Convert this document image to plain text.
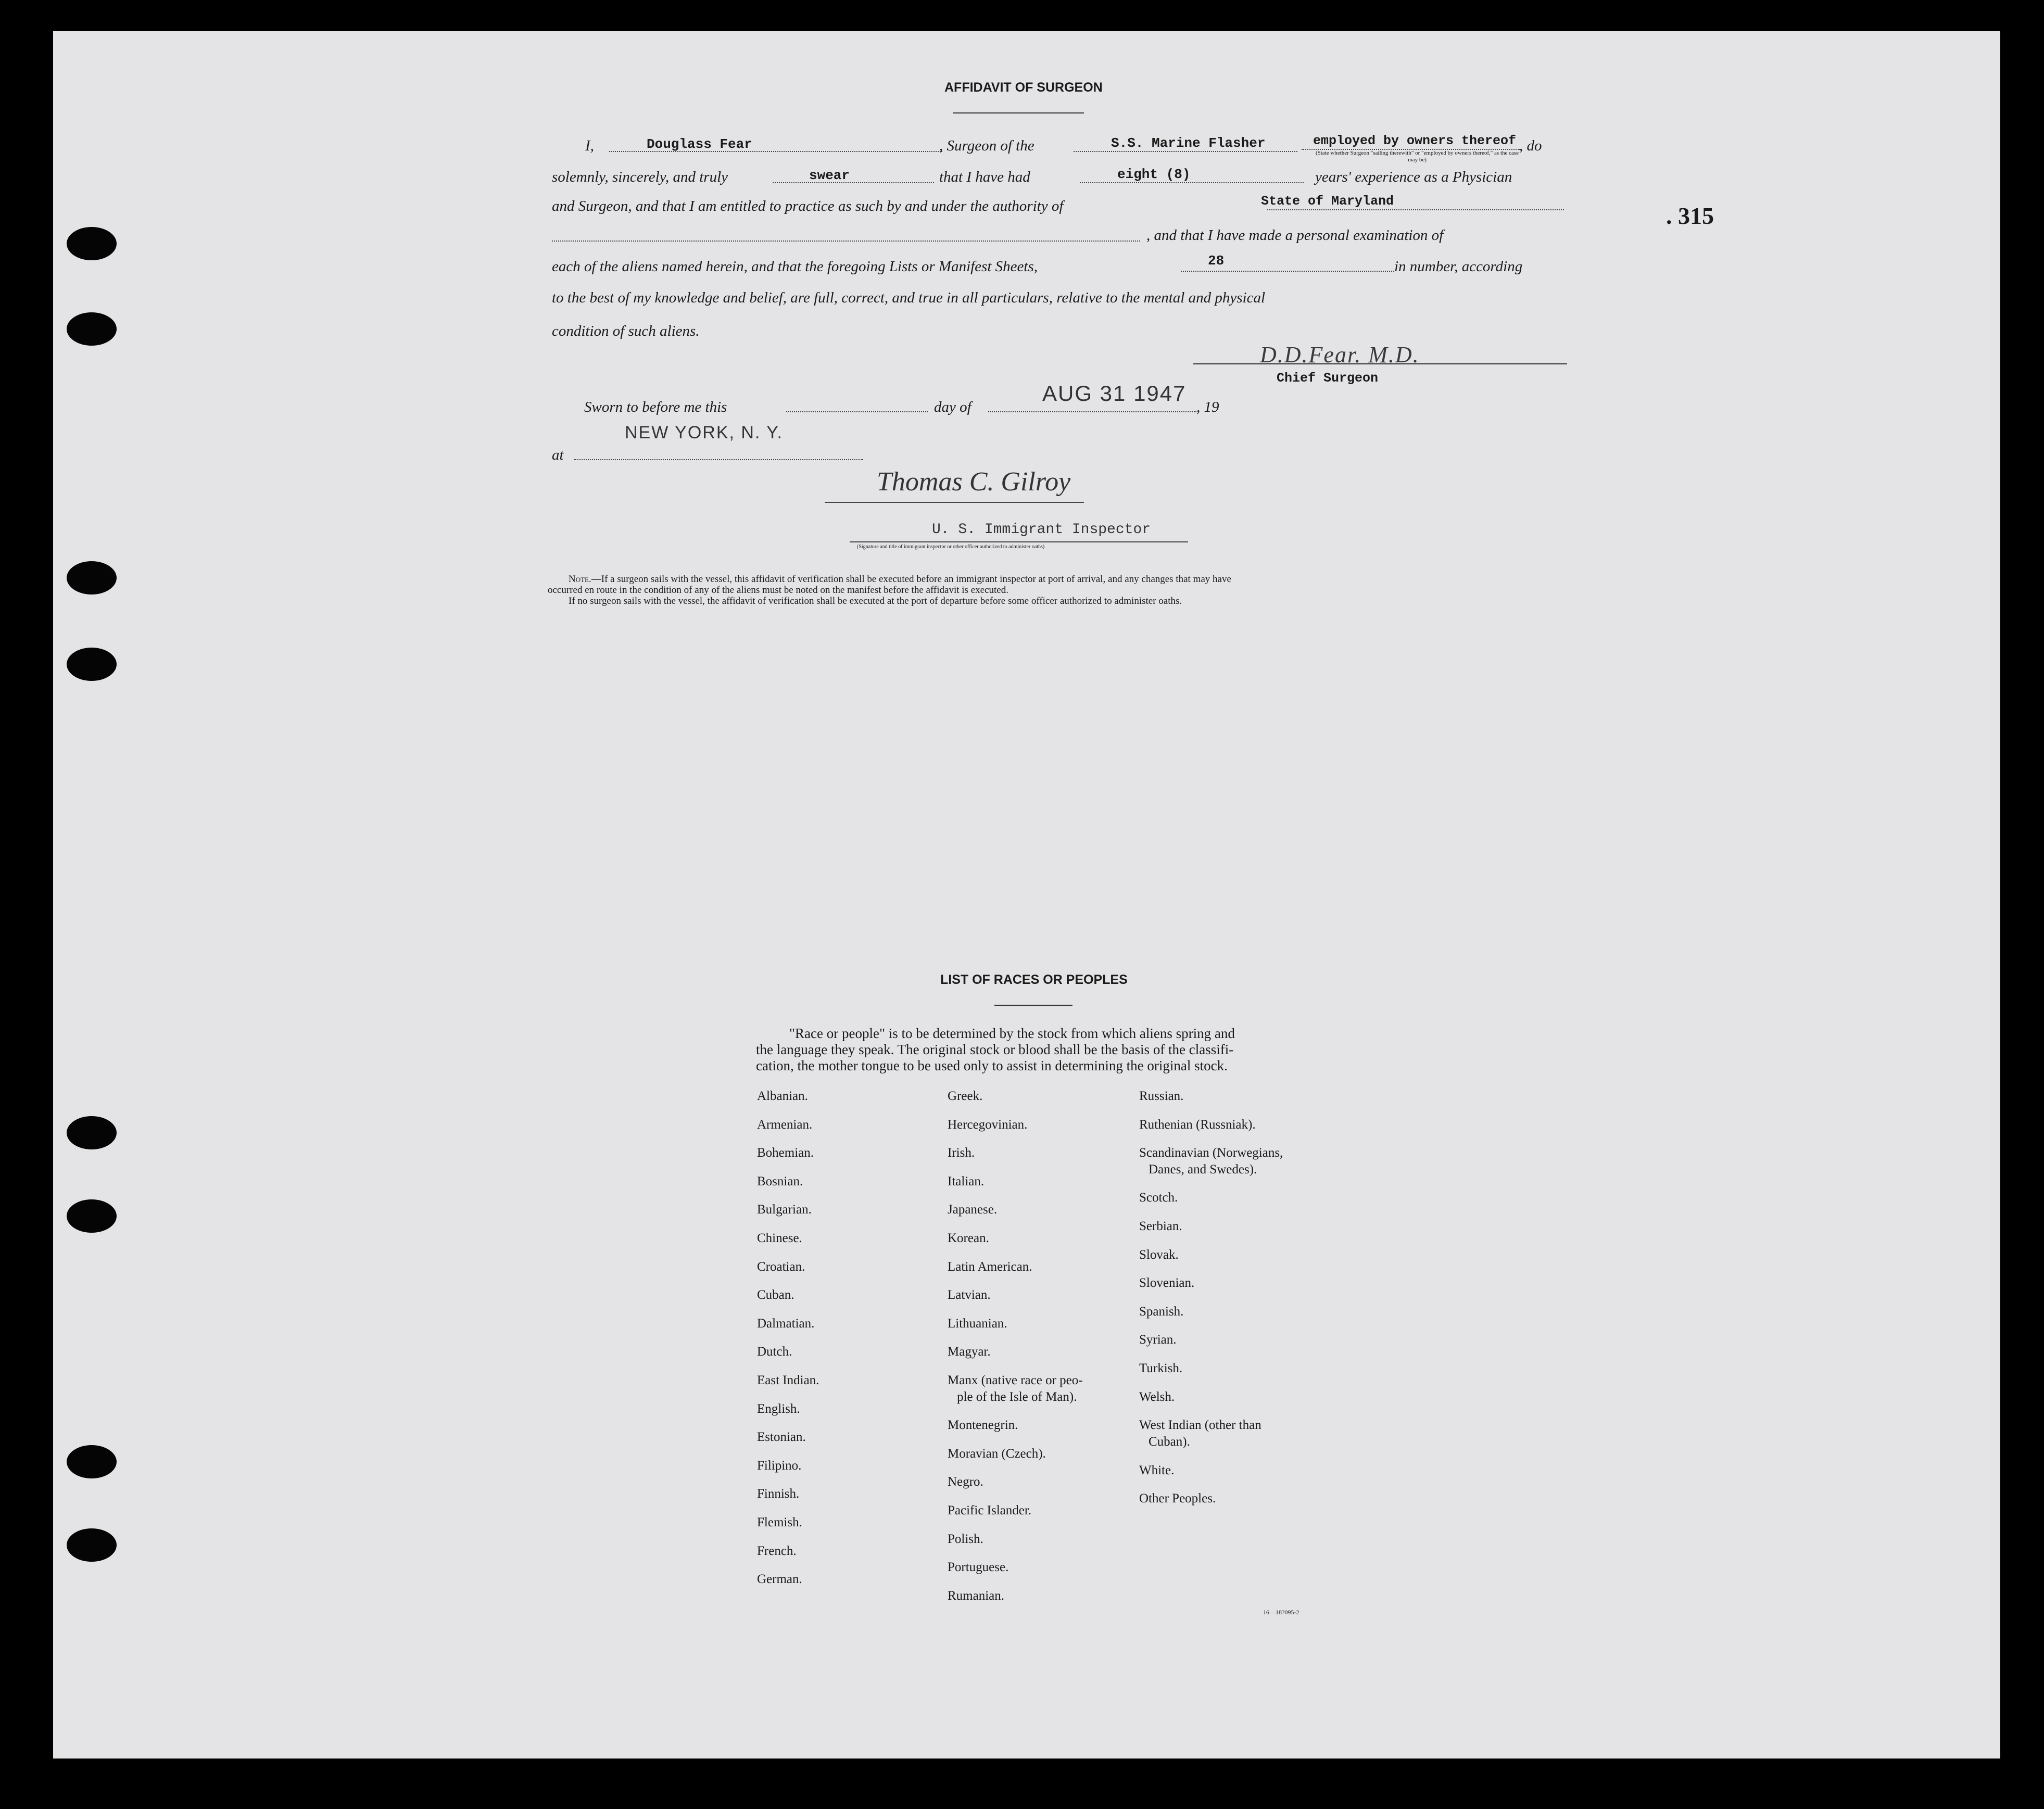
. 315
AFFIDAVIT OF SURGEON
I,	Douglass Fear	, Surgeon of the	S.S. Marine Flasher	employed by owners thereof
(State whether Surgeon "sailing therewith" or "employed by owners thereof," as the case may be)
, do
solemnly, sincerely, and truly	swear	that I have had	eight (8)	years' experience as a Physician
and Surgeon, and that I am entitled to practice as such by and under the authority of	State of Maryland
, and that I have made a personal examination of
each of the aliens named herein, and that the foregoing Lists or Manifest Sheets,	28	in number, according
to the best of my knowledge and belief, are full, correct, and true in all particulars, relative to the mental and physical
condition of such aliens.
D.D.Fear. M.D.
Chief Surgeon
Sworn to before me this	day of
AUG 31 1947
, 19
NEW YORK, N. Y.
at
Thomas C. Gilroy
U. S. Immigrant Inspector
(Signature and title of immigrant inspector or other officer authorized to administer oaths)
Note.—If a surgeon sails with the vessel, this affidavit of verification shall be executed before an immigrant inspector at port of arrival, and any changes that may have
occurred en route in the condition of any of the aliens must be noted on the manifest before the affidavit is executed.
If no surgeon sails with the vessel, the affidavit of verification shall be executed at the port of departure before some officer authorized to administer oaths.
LIST OF RACES OR PEOPLES
"Race or people" is to be determined by the stock from which aliens spring and
the language they speak. The original stock or blood shall be the basis of the classifi-
cation, the mother tongue to be used only to assist in determining the original stock.
Albanian.
Armenian.
Bohemian.
Bosnian.
Bulgarian.
Chinese.
Croatian.
Cuban.
Dalmatian.
Dutch.
East Indian.
English.
Estonian.
Filipino.
Finnish.
Flemish.
French.
German.
Greek.
Hercegovinian.
Irish.
Italian.
Japanese.
Korean.
Latin American.
Latvian.
Lithuanian.
Magyar.
Manx (native race or peo-
ple of the Isle of Man).
Montenegrin.
Moravian (Czech).
Negro.
Pacific Islander.
Polish.
Portuguese.
Rumanian.
Russian.
Ruthenian (Russniak).
Scandinavian (Norwegians,
Danes, and Swedes).
Scotch.
Serbian.
Slovak.
Slovenian.
Spanish.
Syrian.
Turkish.
Welsh.
West Indian (other than
Cuban).
White.
Other Peoples.
16—18?095-2
